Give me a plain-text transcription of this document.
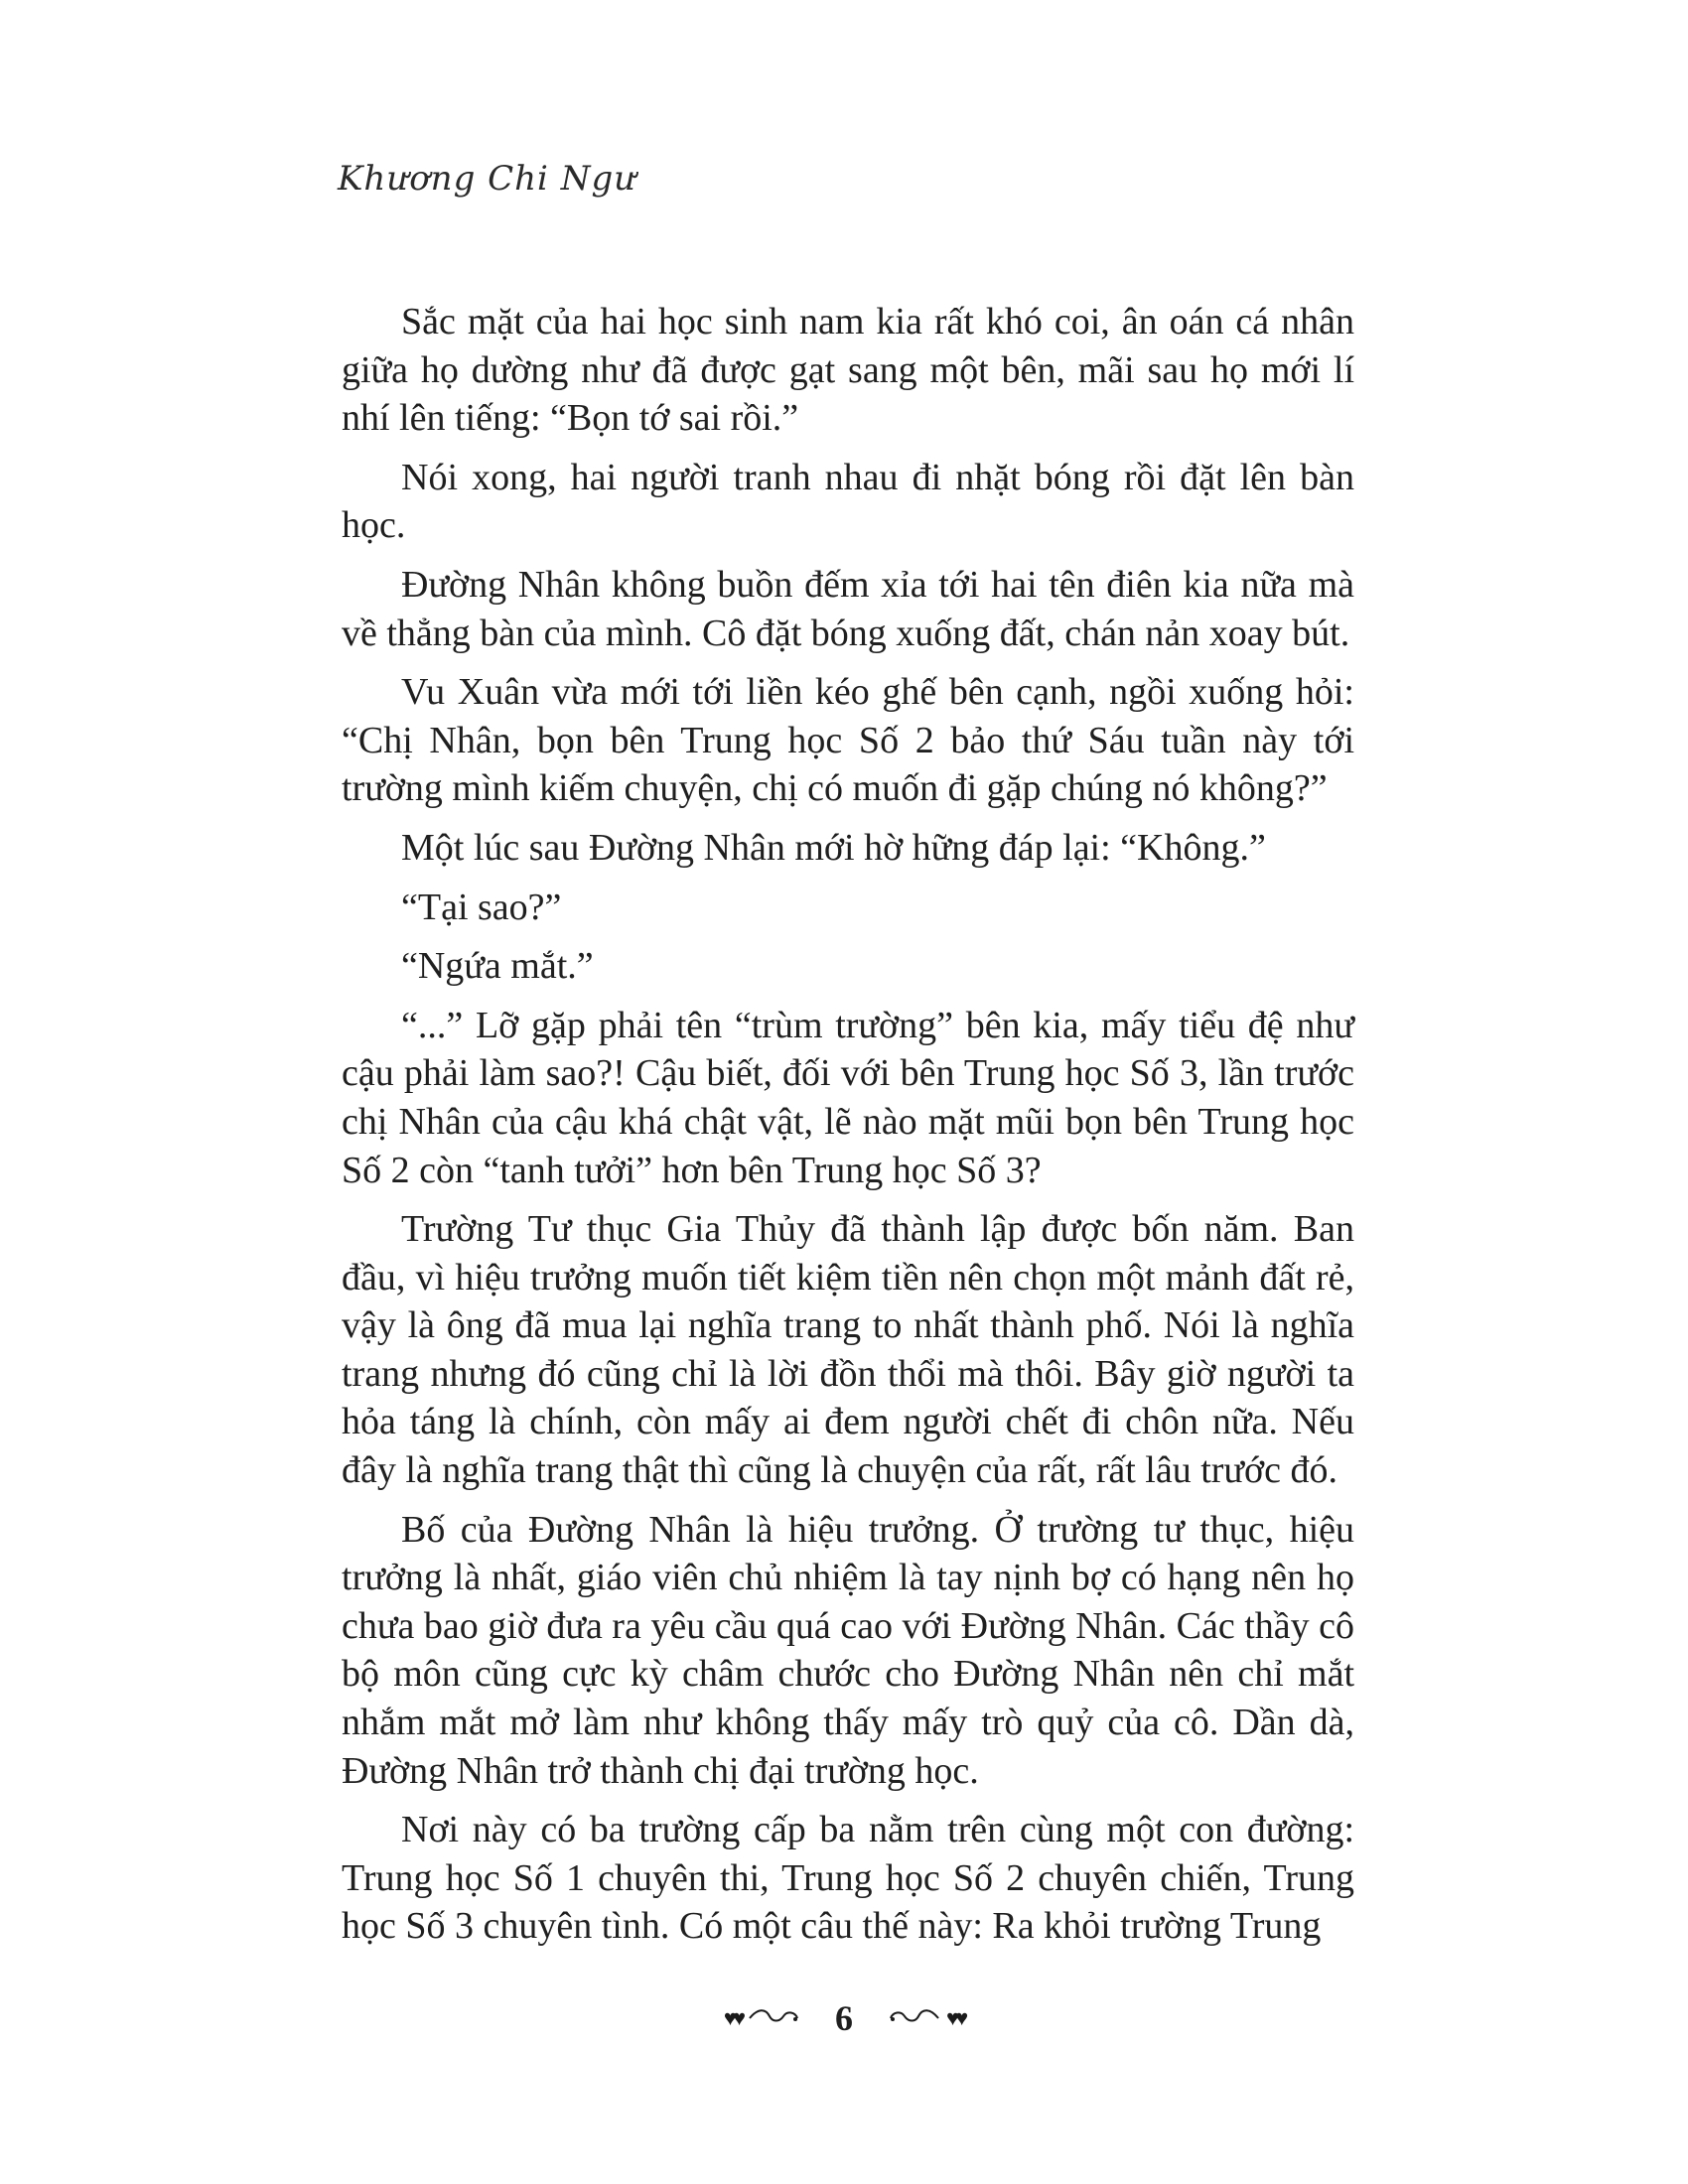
Khương Chi Ngư

Sắc mặt của hai học sinh nam kia rất khó coi, ân oán cá nhân giữa họ dường như đã được gạt sang một bên, mãi sau họ mới lí nhí lên tiếng: “Bọn tớ sai rồi.”

Nói xong, hai người tranh nhau đi nhặt bóng rồi đặt lên bàn học.

Đường Nhân không buồn đếm xỉa tới hai tên điên kia nữa mà về thẳng bàn của mình. Cô đặt bóng xuống đất, chán nản xoay bút.

Vu Xuân vừa mới tới liền kéo ghế bên cạnh, ngồi xuống hỏi: “Chị Nhân, bọn bên Trung học Số 2 bảo thứ Sáu tuần này tới trường mình kiếm chuyện, chị có muốn đi gặp chúng nó không?”

Một lúc sau Đường Nhân mới hờ hững đáp lại: “Không.”

“Tại sao?”

“Ngứa mắt.”

“...” Lỡ gặp phải tên “trùm trường” bên kia, mấy tiểu đệ như cậu phải làm sao?! Cậu biết, đối với bên Trung học Số 3, lần trước chị Nhân của cậu khá chật vật, lẽ nào mặt mũi bọn bên Trung học Số 2 còn “tanh tưởi” hơn bên Trung học Số 3?

Trường Tư thục Gia Thủy đã thành lập được bốn năm. Ban đầu, vì hiệu trưởng muốn tiết kiệm tiền nên chọn một mảnh đất rẻ, vậy là ông đã mua lại nghĩa trang to nhất thành phố. Nói là nghĩa trang nhưng đó cũng chỉ là lời đồn thổi mà thôi. Bây giờ người ta hỏa táng là chính, còn mấy ai đem người chết đi chôn nữa. Nếu đây là nghĩa trang thật thì cũng là chuyện của rất, rất lâu trước đó.

Bố của Đường Nhân là hiệu trưởng. Ở trường tư thục, hiệu trưởng là nhất, giáo viên chủ nhiệm là tay nịnh bợ có hạng nên họ chưa bao giờ đưa ra yêu cầu quá cao với Đường Nhân. Các thầy cô bộ môn cũng cực kỳ châm chước cho Đường Nhân nên chỉ mắt nhắm mắt mở làm như không thấy mấy trò quỷ của cô. Dần dà, Đường Nhân trở thành chị đại trường học.

Nơi này có ba trường cấp ba nằm trên cùng một con đường: Trung học Số 1 chuyên thi, Trung học Số 2 chuyên chiến, Trung học Số 3 chuyên tình. Có một câu thế này: Ra khỏi trường Trung

♥♥	6	♥♥
